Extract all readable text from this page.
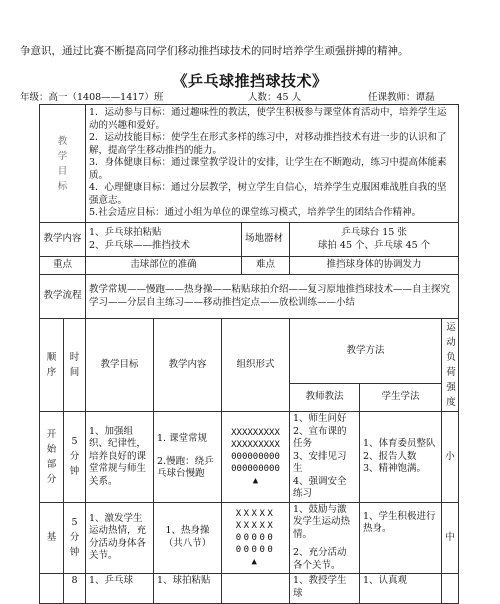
争意识，通过比赛不断提高同学们移动推挡球技术的同时培养学生顽强拼搏的精神。
《乒乓球推挡球技术》
年级：高一（1408——1417）班	人数：45 人	任课教师：谭磊
教学目标		1．运动参与目标：通过趣味性的教法，使学生积极参与课堂体育活动中，培养学生运动的兴趣和爱好。
2．运动技能目标：使学生在形式多样的练习中，对移动推挡技术有进一步的认识和了解，提高学生移动推挡的能力。
3．身体健康目标：通过课堂教学设计的安排，让学生在不断跑动，练习中提高体能素质。
4．心理健康目标：通过分层教学，树立学生自信心，培养学生克服困难战胜自我的坚强意志。
5.社会适应目标：通过小组为单位的课堂练习模式，培养学生的团结合作精神。						

教学内容		1、乒乓球拍粘贴
2、乒乓球——推挡技术			场地器材	乒乓球台 15 张
球拍 45 个、乒乓球 45 个		

重点		击球部位的准确			难点	推挡球身体的协调发力		
教学流程		教学常规——慢跑——热身操——粘贴球拍介绍——复习原地推挡球技术——自主探究学习——分层自主练习——移动推挡定点——放松训练——小结						
顺序	时间	教学目标	教学内容	组织形式		教学方法		运动负荷强度
						教师教法	学生学法	
开始部分	5分钟	1、加强组织、纪律性，培养良好的课堂常规与师生关系。	1. 课堂常规
2.慢跑：绕乒乓球台慢跑	XXXXXXXXX
XXXXXXXXX
000000000
000000000
▲		1、师生问好
2、宣布课的任务
3、安排见习生
4、强调安全练习	1、体育委员整队
2、报告人数
3、精神饱满。	小
基	5分钟	1、激发学生运动热情，充分活动身体各关节。	1、热身操
（共八节）	XXXXX
XXXXX
00000
00000
▲		1、鼓励与激发学生运动热情。
2、充分活动各个关节。	1、学生积极进行热身。	中
	8	1、乒乓球	1、球拍粘贴			1、教授学生球	1、认真观	
